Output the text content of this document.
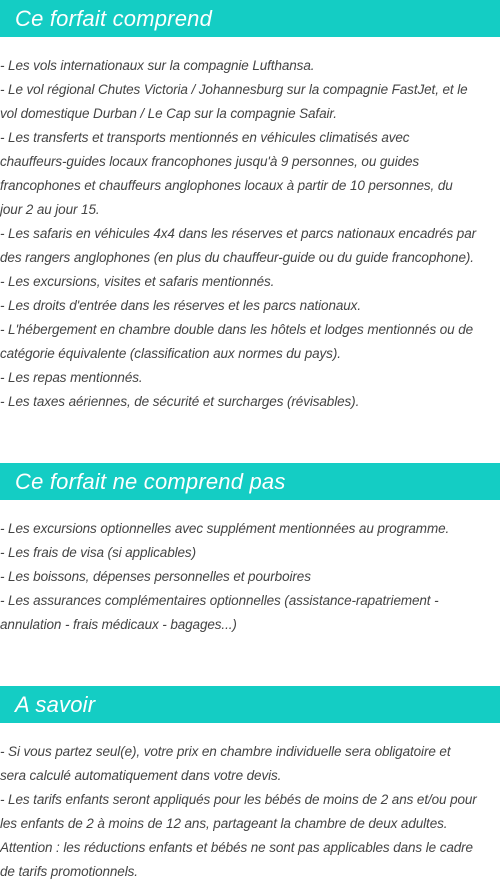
Ce forfait comprend
- Les vols internationaux sur la compagnie Lufthansa.
- Le vol régional Chutes Victoria / Johannesburg sur la compagnie FastJet, et le
vol domestique Durban / Le Cap sur la compagnie Safair.
- Les transferts et transports mentionnés en véhicules climatisés avec
chauffeurs-guides locaux francophones jusqu'à 9 personnes, ou guides
francophones et chauffeurs anglophones locaux à partir de 10 personnes, du
jour 2 au jour 15.
- Les safaris en véhicules 4x4 dans les réserves et parcs nationaux encadrés par
des rangers anglophones (en plus du chauffeur-guide ou du guide francophone).
- Les excursions, visites et safaris mentionnés.
- Les droits d'entrée dans les réserves et les parcs nationaux.
- L'hébergement en chambre double dans les hôtels et lodges mentionnés ou de
catégorie équivalente (classification aux normes du pays).
- Les repas mentionnés.
- Les taxes aériennes, de sécurité et surcharges (révisables).
Ce forfait ne comprend pas
- Les excursions optionnelles avec supplément mentionnées au programme.
- Les frais de visa (si applicables)
- Les boissons, dépenses personnelles et pourboires
- Les assurances complémentaires optionnelles (assistance-rapatriement -
annulation - frais médicaux - bagages...)
A savoir
- Si vous partez seul(e), votre prix en chambre individuelle sera obligatoire et
sera calculé automatiquement dans votre devis.
- Les tarifs enfants seront appliqués pour les bébés de moins de 2 ans et/ou pour
les enfants de 2 à moins de 12 ans, partageant la chambre de deux adultes.
Attention : les réductions enfants et bébés ne sont pas applicables dans le cadre
de tarifs promotionnels.
